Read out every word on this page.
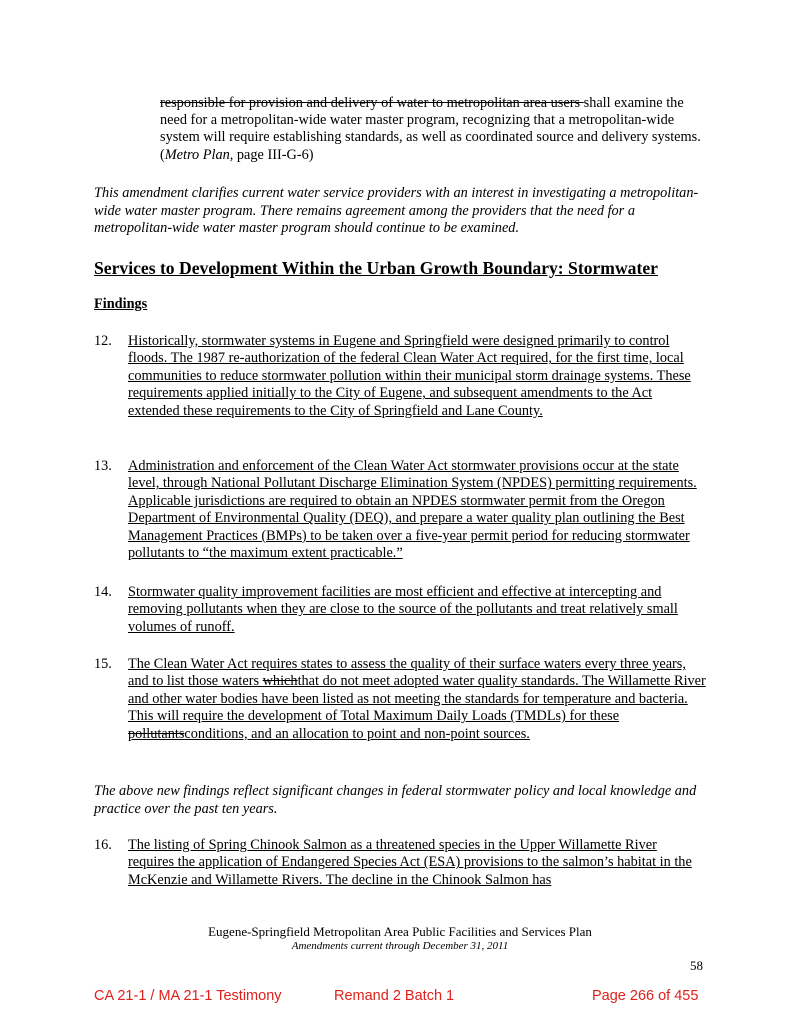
responsible for provision and delivery of water to metropolitan area users shall examine the need for a metropolitan-wide water master program, recognizing that a metropolitan-wide system will require establishing standards, as well as coordinated source and delivery systems. (Metro Plan, page III-G-6)
This amendment clarifies current water service providers with an interest in investigating a metropolitan-wide water master program. There remains agreement among the providers that the need for a metropolitan-wide water master program should continue to be examined.
Services to Development Within the Urban Growth Boundary: Stormwater
Findings
12. Historically, stormwater systems in Eugene and Springfield were designed primarily to control floods. The 1987 re-authorization of the federal Clean Water Act required, for the first time, local communities to reduce stormwater pollution within their municipal storm drainage systems. These requirements applied initially to the City of Eugene, and subsequent amendments to the Act extended these requirements to the City of Springfield and Lane County.
13. Administration and enforcement of the Clean Water Act stormwater provisions occur at the state level, through National Pollutant Discharge Elimination System (NPDES) permitting requirements. Applicable jurisdictions are required to obtain an NPDES stormwater permit from the Oregon Department of Environmental Quality (DEQ), and prepare a water quality plan outlining the Best Management Practices (BMPs) to be taken over a five-year permit period for reducing stormwater pollutants to “the maximum extent practicable.”
14. Stormwater quality improvement facilities are most efficient and effective at intercepting and removing pollutants when they are close to the source of the pollutants and treat relatively small volumes of runoff.
15. The Clean Water Act requires states to assess the quality of their surface waters every three years, and to list those waters whichthat do not meet adopted water quality standards. The Willamette River and other water bodies have been listed as not meeting the standards for temperature and bacteria. This will require the development of Total Maximum Daily Loads (TMDLs) for these pollutantsconditions, and an allocation to point and non-point sources.
The above new findings reflect significant changes in federal stormwater policy and local knowledge and practice over the past ten years.
16. The listing of Spring Chinook Salmon as a threatened species in the Upper Willamette River requires the application of Endangered Species Act (ESA) provisions to the salmon’s habitat in the McKenzie and Willamette Rivers. The decline in the Chinook Salmon has
Eugene-Springfield Metropolitan Area Public Facilities and Services Plan
Amendments current through December 31, 2011
58
CA 21-1 / MA 21-1 Testimony	Remand 2 Batch 1	Page 266 of 455
